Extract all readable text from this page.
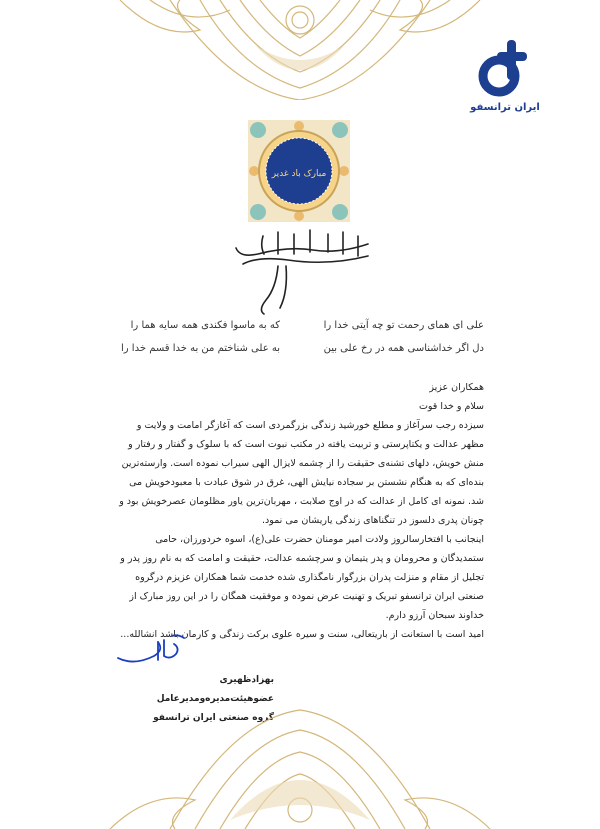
ایران ترانسفو
مبارک باد غدیر
علی ای همای رحمت تو چه آیتی خدا را
که به ماسوا فکندی همه سایه هما را
دل اگر خداشناسی همه در رخ علی بین
به علی شناختم من به خدا قسم خدا را

همکاران عزیز

سلام و خدا قوت

سیزده رجب سرآغاز و مطلع خورشید زندگی بزرگمردی است که آغازگر امامت و ولایت و مظهر عدالت و یکتاپرستی و تربیت یافته در مکتب نبوت است که با سلوک و گفتار و رفتار و منش خویش، دلهای تشنه‌ی حقیقت را از چشمه لایزال الهی سیراب نموده است. وارسته‌ترین بنده‌ای که به هنگام نشستن بر سجاده نیایش الهی، غرق در شوق عبادت با معبودخویش می شد. نمونه ای کامل از عدالت که در اوج صلابت ، مهربان‌ترین یاور مظلومان عصرخویش بود و چونان پدری دلسوز در تنگناهای زندگی یاریشان می نمود.

اینجانب با افتخارسالروز ولادت امیر مومنان حضرت علی(ع)، اسوه خردورزان، حامی ستمدیدگان و محرومان و پدر یتیمان و سرچشمه عدالت، حقیقت و امامت که به نام روز پدر و تجلیل از مقام و منزلت پدران بزرگوار نامگذاری شده خدمت شما همکاران عزیزم درگروه صنعتی ایران ترانسفو تبریک و تهنیت عرض نموده و موفقیت همگان را در این روز مبارک از خداوند سبحان آرزو دارم.

امید است با استعانت از باریتعالی، سنت و سیره علوی برکت زندگی و کارمان باشد انشالله...

بهزادظهیری
عضوهیئت‌مدیره‌ومدیرعامل
گروه صنعتی ایران ترانسفو
